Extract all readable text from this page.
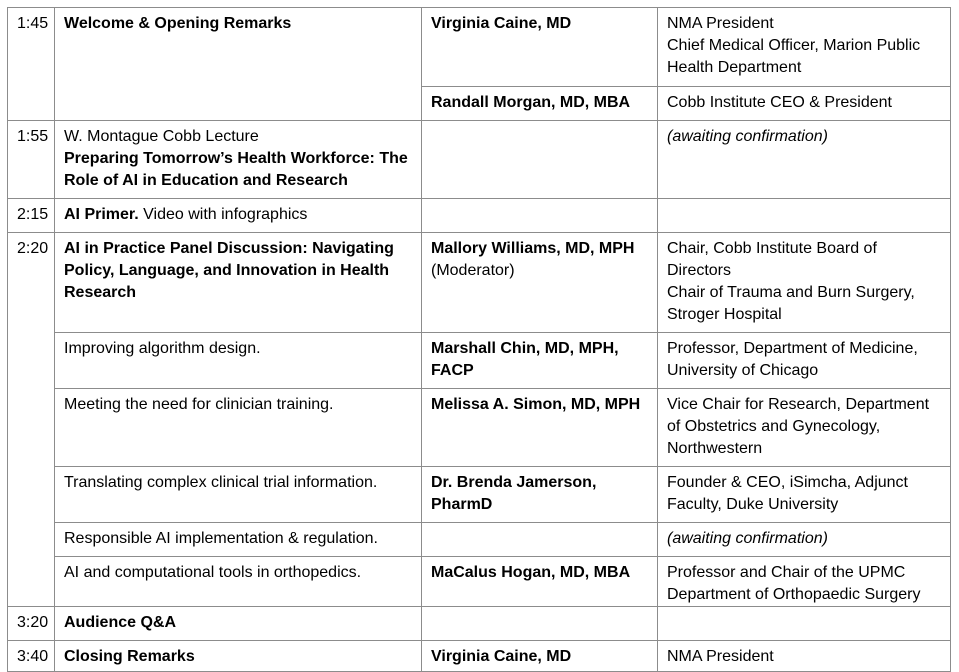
1:45	Welcome & Opening Remarks	Virginia Caine, MD	NMA President
Chief Medical Officer, Marion Public Health Department

		Randall Morgan, MD, MBA	Cobb Institute CEO & President
1:55	W. Montague Cobb Lecture
Preparing Tomorrow’s Health Workforce: The Role of AI in Education and Research		(awaiting confirmation)
2:15	AI Primer. Video with infographics		
2:20	AI in Practice Panel Discussion: Navigating Policy, Language, and Innovation in Health Research	Mallory Williams, MD, MPH
(Moderator)	Chair, Cobb Institute Board of Directors
Chair of Trauma and Burn Surgery, Stroger Hospital

	Improving algorithm design.	Marshall Chin, MD, MPH, FACP	Professor, Department of Medicine, University of Chicago
	Meeting the need for clinician training.	Melissa A. Simon, MD, MPH	Vice Chair for Research, Department of Obstetrics and Gynecology, Northwestern
	Translating complex clinical trial information.	Dr. Brenda Jamerson, PharmD	Founder & CEO, iSimcha, Adjunct Faculty, Duke University
	Responsible AI implementation & regulation.		(awaiting confirmation)
	AI and computational tools in orthopedics.	MaCalus Hogan, MD, MBA	Professor and Chair of the UPMC Department of Orthopaedic Surgery
3:20	Audience Q&A		
3:40	Closing Remarks	Virginia Caine, MD	NMA President
